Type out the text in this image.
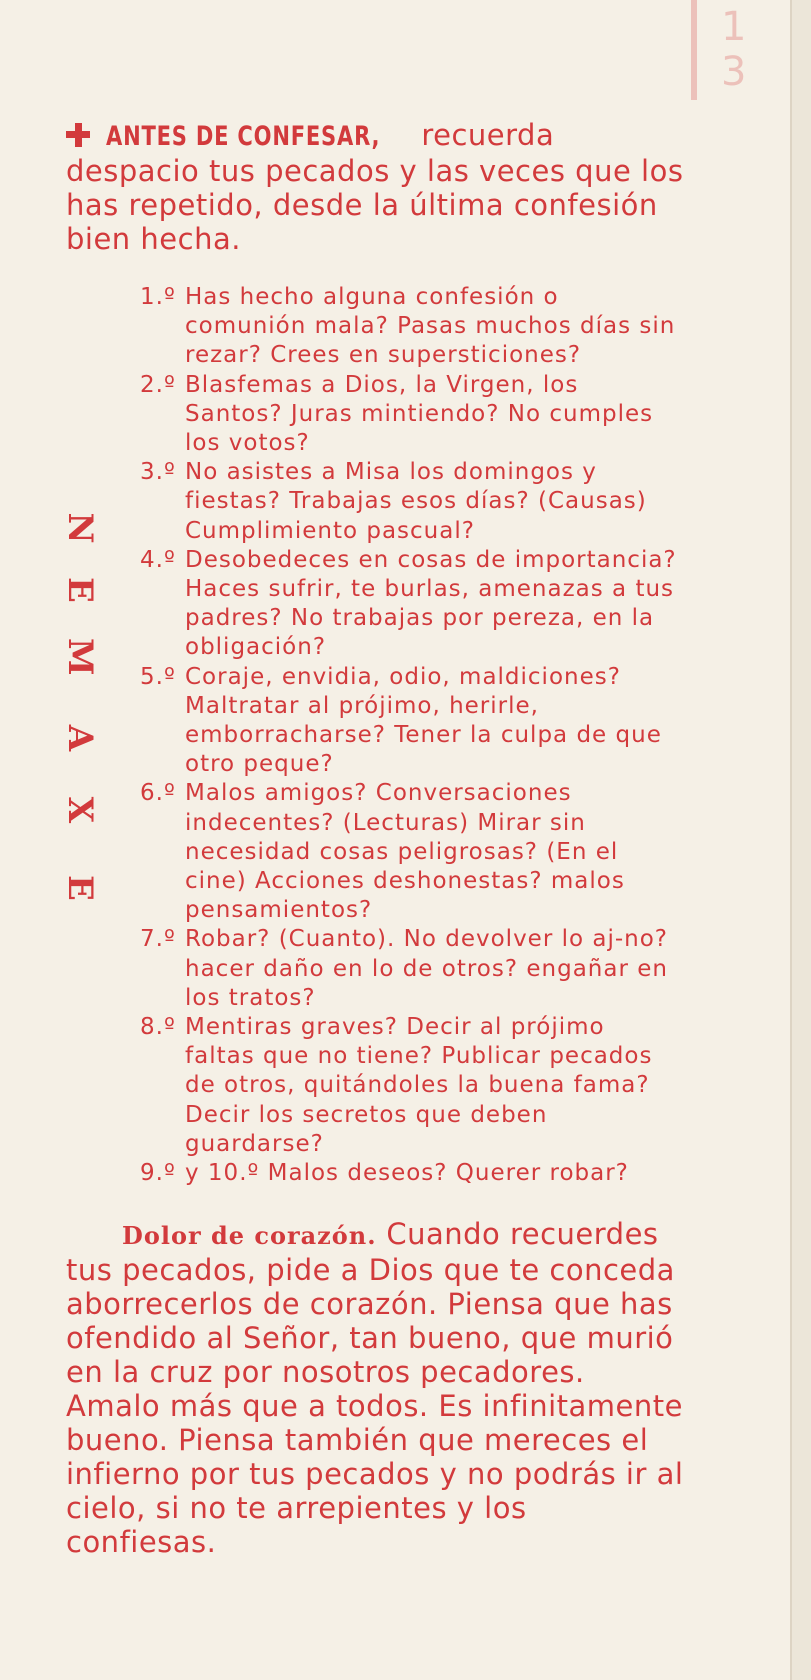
1
3
ANTES DE CONFESAR, recuerda despacio tus pecados y las veces que los has repetido, desde la última confesión bien hecha.
N
E
M
A
X
E
1.º Has hecho alguna confesión o comunión mala? Pasas muchos días sin rezar? Crees en supersticiones?
2.º Blasfemas a Dios, la Virgen, los Santos? Juras mintiendo? No cumples los votos?
3.º No asistes a Misa los domingos y fiestas? Trabajas esos días? (Causas) Cumplimiento pascual?
4.º Desobedeces en cosas de importancia? Haces sufrir, te burlas, amenazas a tus padres? No trabajas por pereza, en la obligación?
5.º Coraje, envidia, odio, maldiciones? Maltratar al prójimo, herirle, emborracharse? Tener la culpa de que otro peque?
6.º Malos amigos? Conversaciones indecentes? (Lecturas) Mirar sin necesidad cosas peligrosas? (En el cine) Acciones deshonestas? malos pensamientos?
7.º Robar? (Cuanto). No devolver lo aj-no? hacer daño en lo de otros? engañar en los tratos?
8.º Mentiras graves? Decir al prójimo faltas que no tiene? Publicar pecados de otros, quitándoles la buena fama? Decir los secretos que deben guardarse?
9.º y 10.º Malos deseos? Querer robar?
Dolor de corazón. Cuando recuerdes tus pecados, pide a Dios que te conceda aborrecerlos de corazón. Piensa que has ofendido al Señor, tan bueno, que murió en la cruz por nosotros pecadores. Amalo más que a todos. Es infinitamente bueno. Piensa también que mereces el infierno por tus pecados y no podrás ir al cielo, si no te arrepientes y los confiesas.
